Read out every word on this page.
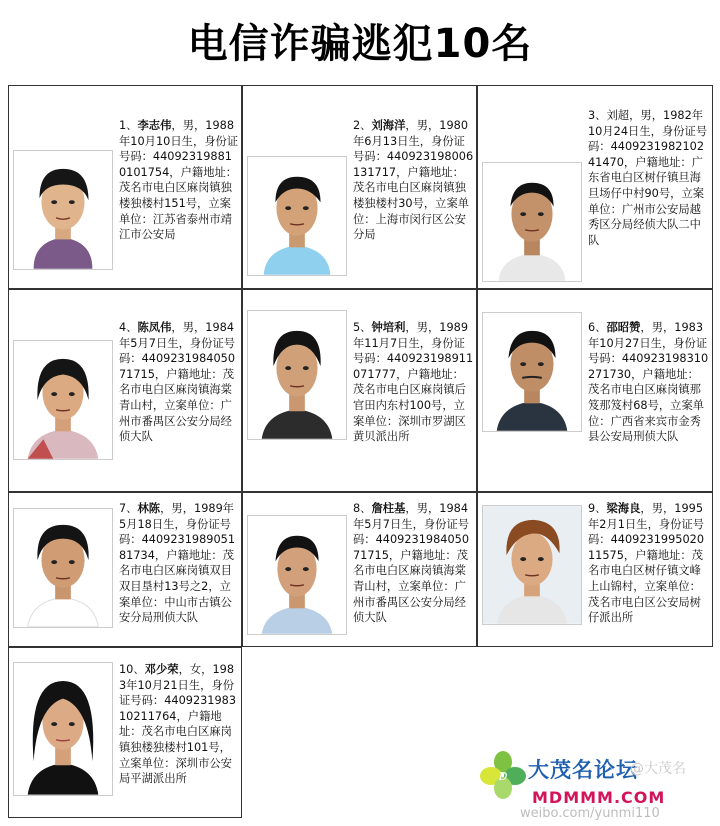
电信诈骗逃犯10名
1、李志伟，男，1988年10月10日生，身份证号码：440923198810101754，户籍地址：茂名市电白区麻岗镇独楼独楼村151号，立案单位：江苏省泰州市靖江市公安局
2、刘海洋，男，1980年6月13日生，身份证号码：440923198006131717，户籍地址：茂名市电白区麻岗镇独楼独楼村30号，立案单位：上海市闵行区公安分局
3、刘超，男，1982年10月24日生，身份证号码：440923198210241470，户籍地址：广东省电白区树仔镇旦海旦场仔中村90号，立案单位：广州市公安局越秀区分局经侦大队二中队
4、陈凤伟，男，1984年5月7日生，身份证号码：440923198405071715，户籍地址：茂名市电白区麻岗镇海棠青山村，立案单位：广州市番禺区公安分局经侦大队
5、钟培利，男，1989年11月7日生，身份证号码：440923198911071777，户籍地址：茂名市电白区麻岗镇后官田内东村100号，立案单位：深圳市罗湖区黄贝派出所
6、邵昭赞，男，1983年10月27日生，身份证号码：440923198310271730，户籍地址：茂名市电白区麻岗镇那笈那笈村68号，立案单位：广西省来宾市金秀县公安局刑侦大队
7、林陈，男，1989年5月18日生，身份证号码：440923198905181734，户籍地址：茂名市电白区麻岗镇双目双目垦村13号之2，立案单位：中山市古镇公安分局刑侦大队
8、詹柱基，男，1984年5月7日生，身份证号码：440923198405071715，户籍地址：茂名市电白区麻岗镇海棠青山村，立案单位：广州市番禺区公安分局经侦大队
9、梁海良，男，1995年2月1日生，身份证号码：440923199502011575，户籍地址：茂名市电白区树仔镇文峰上山锦村，立案单位：茂名市电白区公安局树仔派出所
10、邓少荣，女，1983年10月21日生，身份证号码：440923198310211764，户籍地址：茂名市电白区麻岗镇独楼独楼村101号，立案单位：深圳市公安局平湖派出所	D 大茂名论坛
@大茂名
MDMMM.COM
weibo.com/yunmi110
